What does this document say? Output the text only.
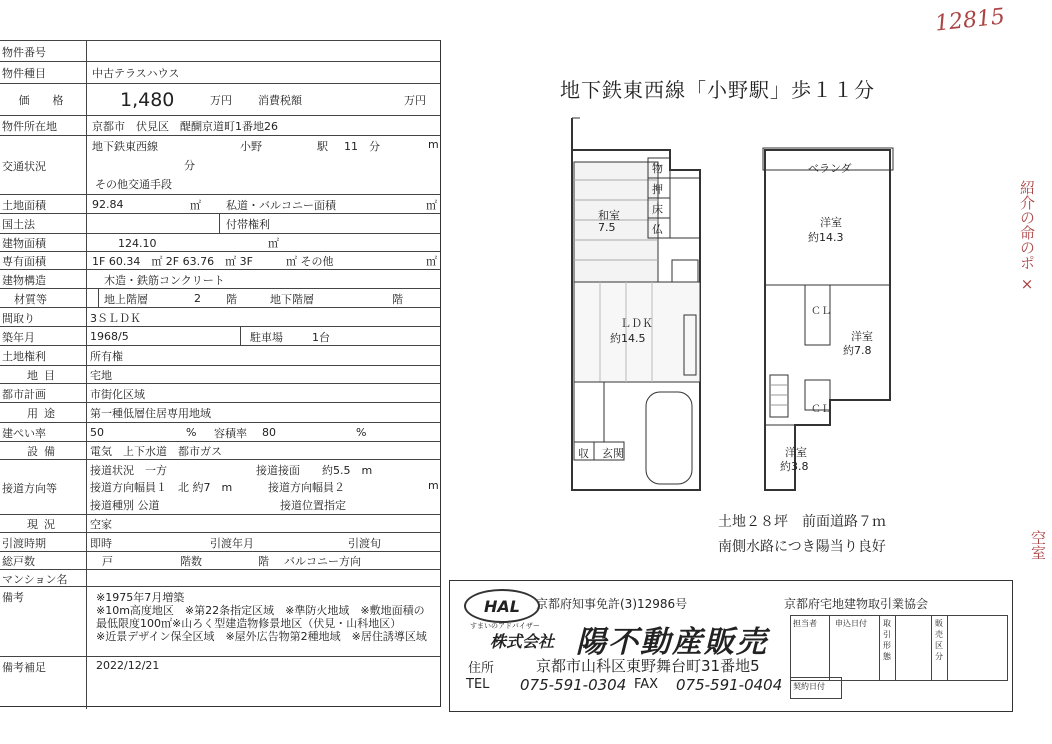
12815
紹介の命のポ ×
空室
物件番号
物件種目	中古テラスハウス
価　格	1,480	万円 消費税額	万円
物件所在地	京都市　伏見区　醍醐京道町1番地26
交通状況
地下鉄東西線	小野	駅 11　分	m
分
その他交通手段
土地面積	92.84	㎡ 私道・バルコニー面積	㎡
国土法	付帯権利
建物面積	124.10	㎡
専有面積	1F 60.34　㎡ 2F 63.76　㎡ 3F　　　㎡ その他	㎡
建物構造	木造・鉄筋コンクリート
材質等	地上階層	2 階	地下階層	階
間取り	3ＳＬＤＫ
築年月	1968/5	駐車場	1台
土地権利	所有権
地目	宅地
都市計画	市街化区域
用途	第一種低層住居専用地域
建ぺい率	50	% 容積率 80	%
設備	電気　上下水道　都市ガス
接道方向等
接道状況　一方	接道接面　　約5.5　m
接道方向幅員１　北 約7　m	接道方向幅員２	m
接道種別 公道	接道位置指定
現況	空家
引渡時期	即時	引渡年月	引渡旬
総戸数	戸	階数	階 バルコニー方向
マンション名
備考	※1975年7月増築
※10m高度地区　※第22条指定区域　※準防火地域　※敷地面積の
最低限度100㎡※山ろく型建造物修景地区（伏見・山科地区）
※近景デザイン保全区域　※屋外広告物第2種地域　※居住誘導区域
備考補足	2022/12/21
地下鉄東西線「小野駅」歩１１分
物
押
床
仏
和室
7.5
ＬＤＫ
約14.5
収 玄関
ベランダ
洋室
約14.3
洋室
約7.8
洋室
約3.8
ＣＬ
ＣＬ
土地２８坪　前面道路７ｍ
南側水路につき陽当り良好
京都府知事免許(3)12986号	京都府宅地建物取引業協会
HAL
すまいのアドバイザー
株式会社 陽不動産販売
住所	京都市山科区東野舞台町31番地5
TEL 075-591-0304 FAX 075-591-0404
担当者 申込日付 取引形態
販売区分
契約日付
